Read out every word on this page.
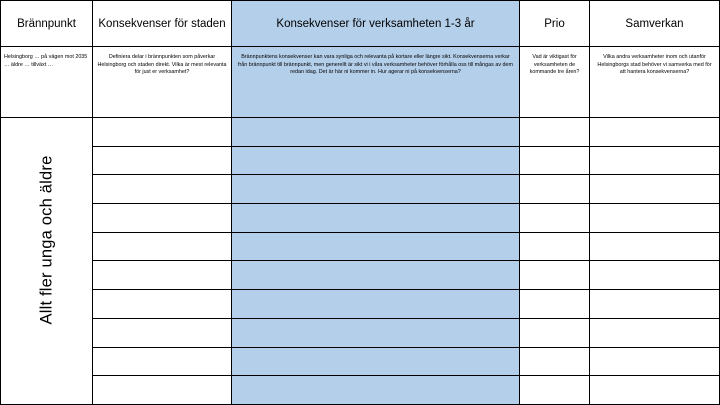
Brännpunkt	Konsekvenser för staden	Konsekvenser för verksamheten 1-3 år	Prio	Samverkan
Helsingborg … på vägen mot 2035 … äldre … tillväxt …	Definiera delar i brännpunkten som påverkar Helsingborg och staden direkt. Vilka är mest relevanta för just er verksamhet?	Brännpunktens konsekvenser kan vara synliga och relevanta på kortare eller längre sikt. Konsekvenserna verkar från brännpunkt till brännpunkt, men generellt är sikt vi i våra verksamheter behöver förhålla oss till mångas av dem redan idag. Det är här ni kommer in. Hur agerar ni på konsekvenserna?	Vad är viktigast för verksamheten de kommande tre åren?	Vilka andra verksamheter inom och utanför Helsingborgs stad behöver vi samverka med för att hantera konsekvenserna?

Allt fler unga och äldre
